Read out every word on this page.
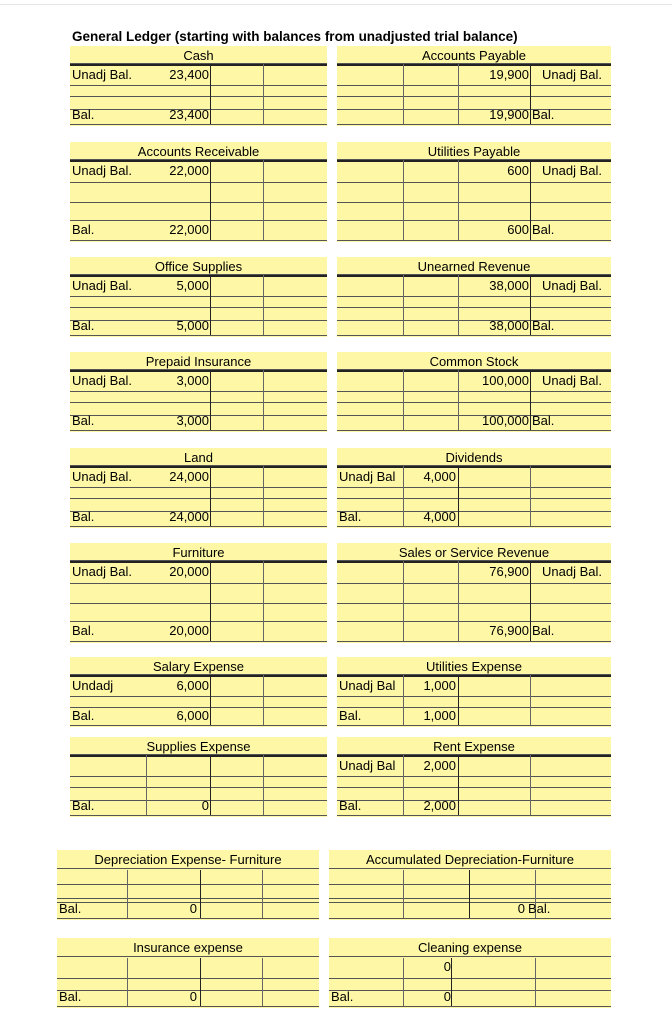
General Ledger (starting with balances from unadjusted trial balance)
Cash
Unadj Bal.	23,400
Bal.	23,400
Accounts Payable
19,900 Unadj Bal.
19,900 Bal.
Accounts Receivable
Unadj Bal.	22,000
Bal.	22,000
Utilities Payable
600 Unadj Bal.
600 Bal.
Office Supplies
Unadj Bal.	5,000
Bal.	5,000
Unearned Revenue
38,000 Unadj Bal.
38,000 Bal.
Prepaid Insurance
Unadj Bal.	3,000
Bal.	3,000
Common Stock
100,000 Unadj Bal.
100,000 Bal.
Land
Unadj Bal.	24,000
Bal.	24,000
Dividends
Unadj Bal	4,000
Bal.	4,000
Furniture
Unadj Bal.	20,000
Bal.	20,000
Sales or Service Revenue
76,900 Unadj Bal.
76,900 Bal.
Salary Expense
Undadj	6,000
Bal.	6,000
Utilities Expense
Unadj Bal	1,000
Bal.	1,000
Supplies Expense
Bal.	0
Rent Expense
Unadj Bal	2,000
Bal.	2,000
Depreciation Expense- Furniture
Bal.	0
Accumulated Depreciation-Furniture
0 Bal.
Insurance expense
Bal.	0
Cleaning expense
0
Bal.	0
